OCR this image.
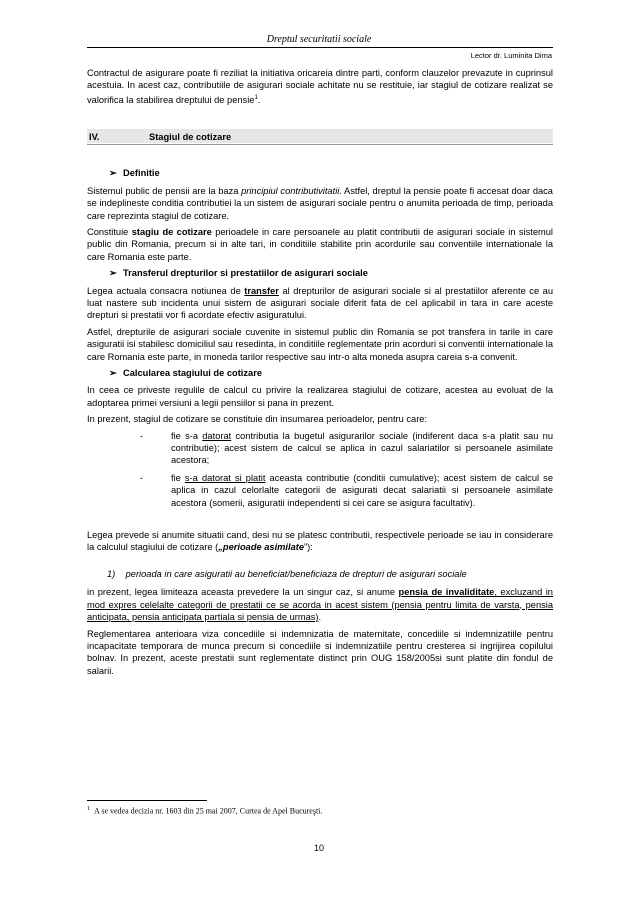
Dreptul securitatii sociale
Lector dr. Luminita Dima

Contractul de asigurare poate fi reziliat la initiativa oricareia dintre parti, conform clauzelor prevazute in cuprinsul acestuia. In acest caz, contributiile de asigurari sociale achitate nu se restituie, iar stagiul de cotizare realizat se valorifica la stabilirea dreptului de pensie$^1$.

IV.	Stagiul de cotizare
➢ Definitie

Sistemul public de pensii are la baza principiul contributivitatii. Astfel, dreptul la pensie poate fi accesat doar daca se indeplineste conditia contributiei la un sistem de asigurari sociale pentru o anumita perioada de timp, perioada care reprezinta stagiul de cotizare.

Constituie stagiu de cotizare perioadele in care persoanele au platit contributii de asigurari sociale in sistemul public din Romania, precum si in alte tari, in conditiile stabilite prin acordurile sau conventiile internationale la care Romania este parte.

➢ Transferul drepturilor si prestatiilor de asigurari sociale

Legea actuala consacra notiunea de transfer al drepturilor de asigurari sociale si al prestatiilor aferente ce au luat nastere sub incidenta unui sistem de asigurari sociale diferit fata de cel aplicabil in tara in care aceste drepturi si prestatii vor fi acordate efectiv asiguratului.

Astfel, drepturile de asigurari sociale cuvenite in sistemul public din Romania se pot transfera in tarile in care asiguratii isi stabilesc domiciliul sau resedinta, in conditiile reglementate prin acorduri si conventii internationale la care Romania este parte, in moneda tarilor respective sau intr-o alta moneda asupra careia s-a convenit.

➢ Calcularea stagiului de cotizare

In ceea ce priveste regulile de calcul cu privire la realizarea stagiului de cotizare, acestea au evoluat de la adoptarea primei versiuni a legii pensiilor si pana in prezent.

In prezent, stagiul de cotizare se constituie din insumarea perioadelor, pentru care:

-	fie s-a datorat contributia la bugetul asigurarilor sociale (indiferent daca s-a platit sau nu contributie); acest sistem de calcul se aplica in cazul salariatilor si persoanele asimilate acestora;
-	fie s-a datorat si platit aceasta contributie (conditii cumulative); acest sistem de calcul se aplica in cazul celorlalte categorii de asigurati decat salariatii si persoanele asimilate acestora (somerii, asiguratii independenti si cei care se asigura facultativ).

Legea prevede si anumite situatii cand, desi nu se platesc contributii, respectivele perioade se iau in considerare la calculul stagiului de cotizare („perioade asimilate”):

1) perioada in care asiguratii au beneficiat/beneficiaza de drepturi de asigurari sociale

in prezent, legea limiteaza aceasta prevedere la un singur caz, si anume pensia de invaliditate, excluzand in mod expres celelalte categorii de prestatii ce se acorda in acest sistem (pensia pentru limita de varsta, pensia anticipata, pensia anticipata partiala si pensia de urmas).

Reglementarea anterioara viza concediile si indemnizatia de maternitate, concediile si indemnizatiile pentru incapacitate temporara de munca precum si concediile si indemnizatiile pentru cresterea si ingrijirea copilului bolnav. In prezent, aceste prestatii sunt reglementate distinct prin OUG 158/2005si sunt platite din fondul de salarii.

$^1$ A se vedea decizia nr. 1603 din 25 mai 2007, Curtea de Apel Bucureşti.
10
